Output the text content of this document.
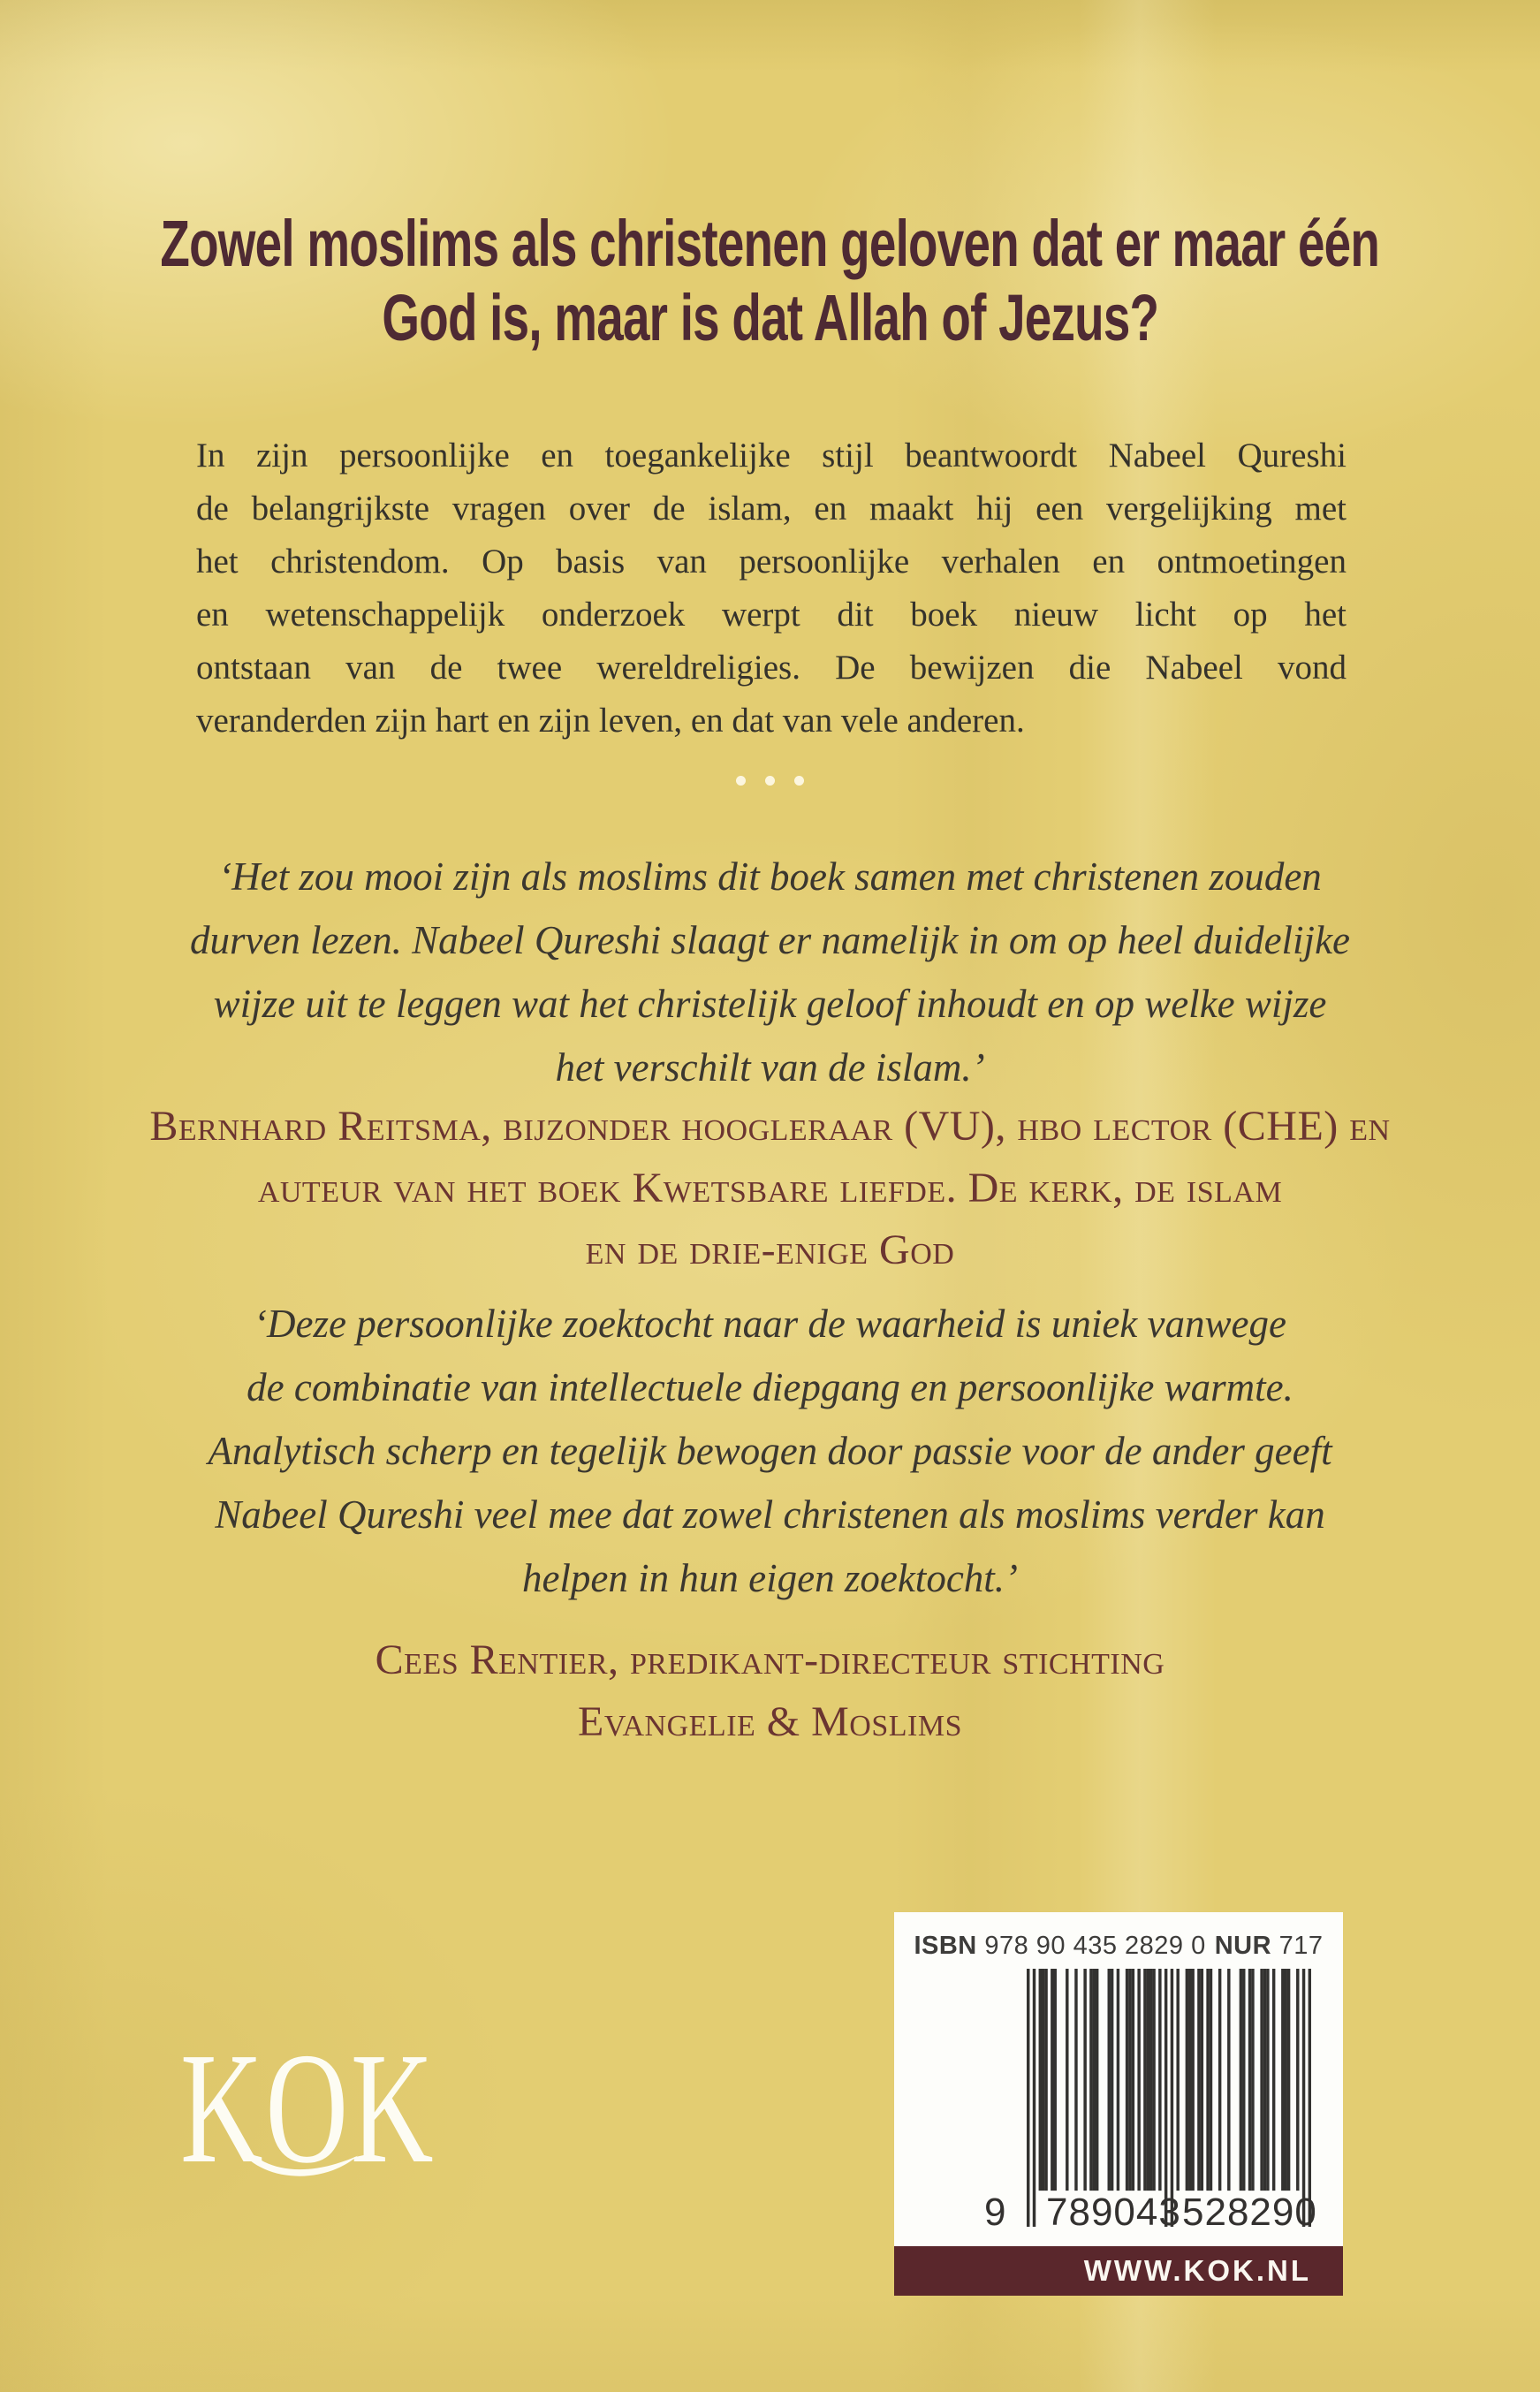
Zowel moslims als christenen geloven dat er maar één
God is, maar is dat Allah of Jezus?
In zijn persoonlijke en toegankelijke stijl beantwoordt Nabeel Qureshi
de belangrijkste vragen over de islam, en maakt hij een vergelijking met
het christendom. Op basis van persoonlijke verhalen en ontmoetingen
en wetenschappelijk onderzoek werpt dit boek nieuw licht op het
ontstaan van de twee wereldreligies. De bewijzen die Nabeel vond
veranderden zijn hart en zijn leven, en dat van vele anderen.
‘Het zou mooi zijn als moslims dit boek samen met christenen zouden
durven lezen. Nabeel Qureshi slaagt er namelijk in om op heel duidelijke
wijze uit te leggen wat het christelijk geloof inhoudt en op welke wijze
het verschilt van de islam.’
Bernhard Reitsma, bijzonder hoogleraar (VU), hbo lector (CHE) en
auteur van het boek Kwetsbare liefde. De kerk, de islam
en de drie-enige God
‘Deze persoonlijke zoektocht naar de waarheid is uniek vanwege
de combinatie van intellectuele diepgang en persoonlijke warmte.
Analytisch scherp en tegelijk bewogen door passie voor de ander geeft
Nabeel Qureshi veel mee dat zowel christenen als moslims verder kan
helpen in hun eigen zoektocht.’
Cees Rentier, predikant-directeur stichting
Evangelie & Moslims
KOK
ISBN 978 90 435 2829 0 NUR 717
9 789043 528290
WWW.KOK.NL
